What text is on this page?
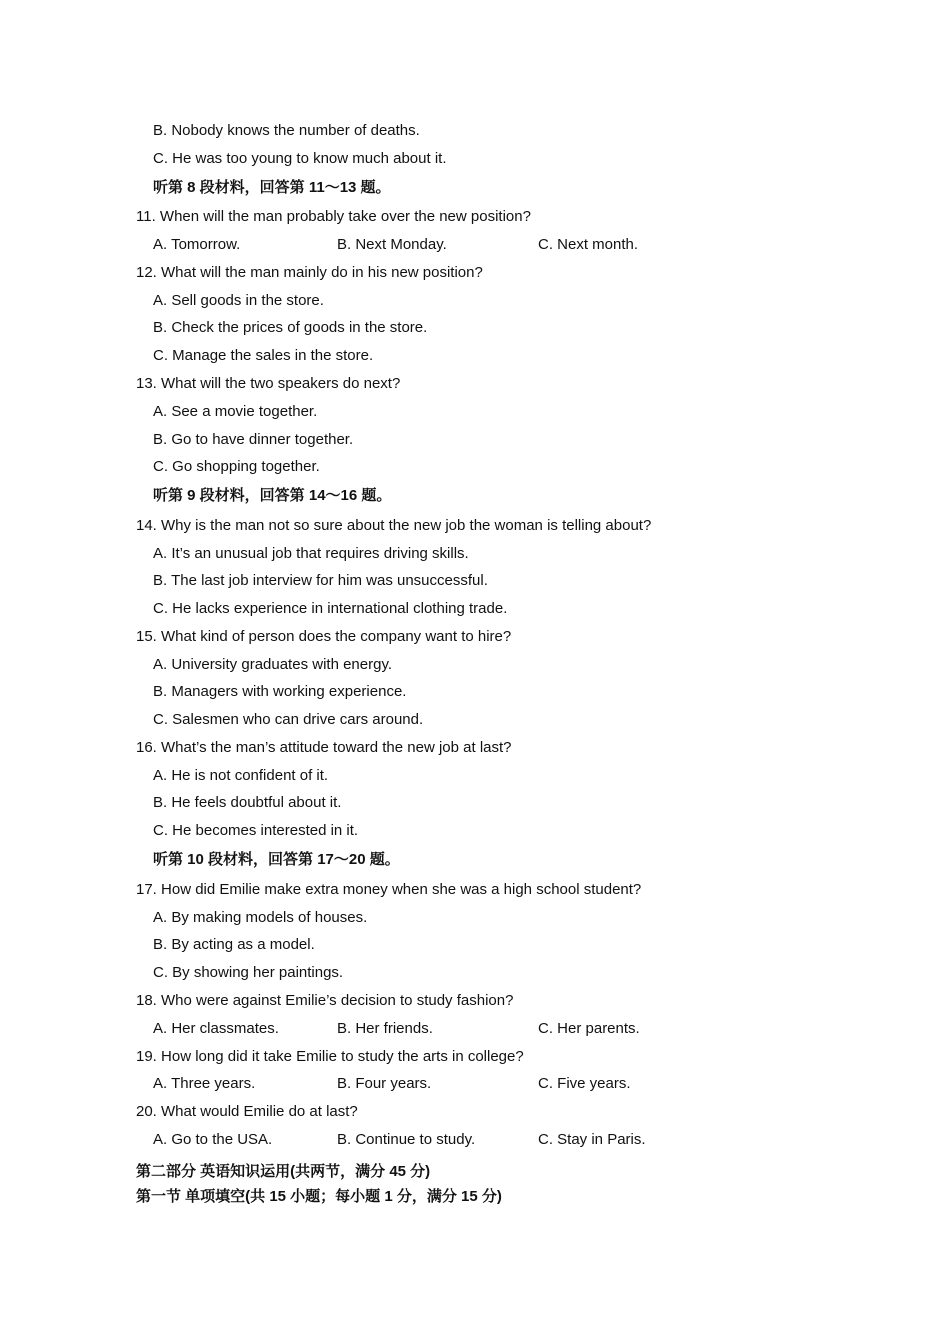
B. Nobody knows the number of deaths.
C. He was too young to know much about it.
听第 8 段材料，回答第 11～13 题。
11. When will the man probably take over the new position?
A. Tomorrow.	B. Next Monday.	C. Next month.
12. What will the man mainly do in his new position?
A. Sell goods in the store.
B. Check the prices of goods in the store.
C. Manage the sales in the store.
13. What will the two speakers do next?
A. See a movie together.
B. Go to have dinner together.
C. Go shopping together.
听第 9 段材料，回答第 14～16 题。
14. Why is the man not so sure about the new job the woman is telling about?
A. It’s an unusual job that requires driving skills.
B. The last job interview for him was unsuccessful.
C. He lacks experience in international clothing trade.
15. What kind of person does the company want to hire?
A. University graduates with energy.
B. Managers with working experience.
C. Salesmen who can drive cars around.
16. What’s the man’s attitude toward the new job at last?
A. He is not confident of it.
B. He feels doubtful about it.
C. He becomes interested in it.
听第 10 段材料，回答第 17～20 题。
17. How did Emilie make extra money when she was a high school student?
A. By making models of houses.
B. By acting as a model.
C. By showing her paintings.
18. Who were against Emilie’s decision to study fashion?
A. Her classmates.	B. Her friends.	C. Her parents.
19. How long did it take Emilie to study the arts in college?
A. Three years.	B. Four years.	C. Five years.
20. What would Emilie do at last?
A. Go to the USA.	B. Continue to study.	C. Stay in Paris.
第二部分 英语知识运用(共两节，满分 45 分)
第一节 单项填空(共 15 小题；每小题 1 分，满分 15 分)
